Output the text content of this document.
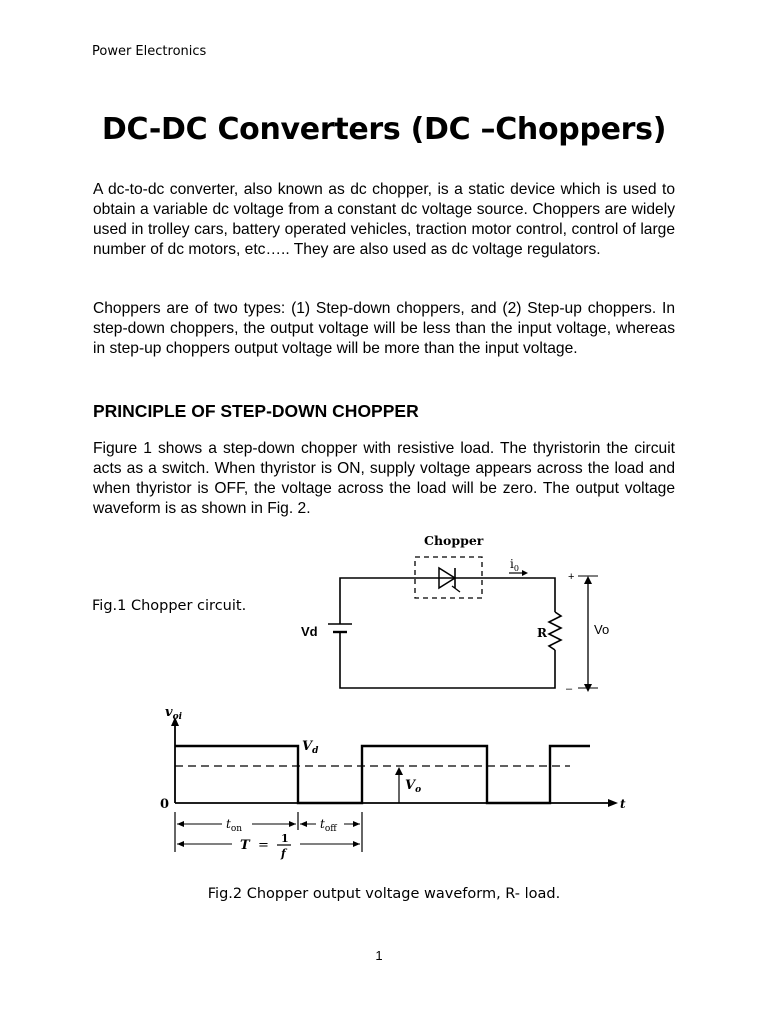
Power Electronics
DC-DC Converters (DC –Choppers)
A dc-to-dc converter, also known as dc chopper, is a static device which is used to obtain a variable dc voltage from a constant dc voltage source. Choppers are widely used in trolley cars, battery operated vehicles, traction motor control, control of large number of dc motors, etc….. They are also used as dc voltage regulators.
Choppers are of two types: (1) Step-down choppers, and (2) Step-up choppers. In step-down choppers, the output voltage will be less than the input voltage, whereas in step-up choppers output voltage will be more than the input voltage.
PRINCIPLE OF STEP-DOWN CHOPPER
Figure 1 shows a step-down chopper with resistive load. The thyristorin the circuit acts as a switch. When thyristor is ON, supply voltage appears across the load and when thyristor is OFF, the voltage across the load will be zero. The output voltage waveform is as shown in Fig. 2.
Fig.1 Chopper circuit.
Chopper
$i_0$
+
–
Vd	R	Vo
$v_{oi}$
$V_d$
$V_o$
0	t
$t_{on}$	$t_{off}$
T = 1
f
Fig.2 Chopper output voltage waveform, R- load.
1
